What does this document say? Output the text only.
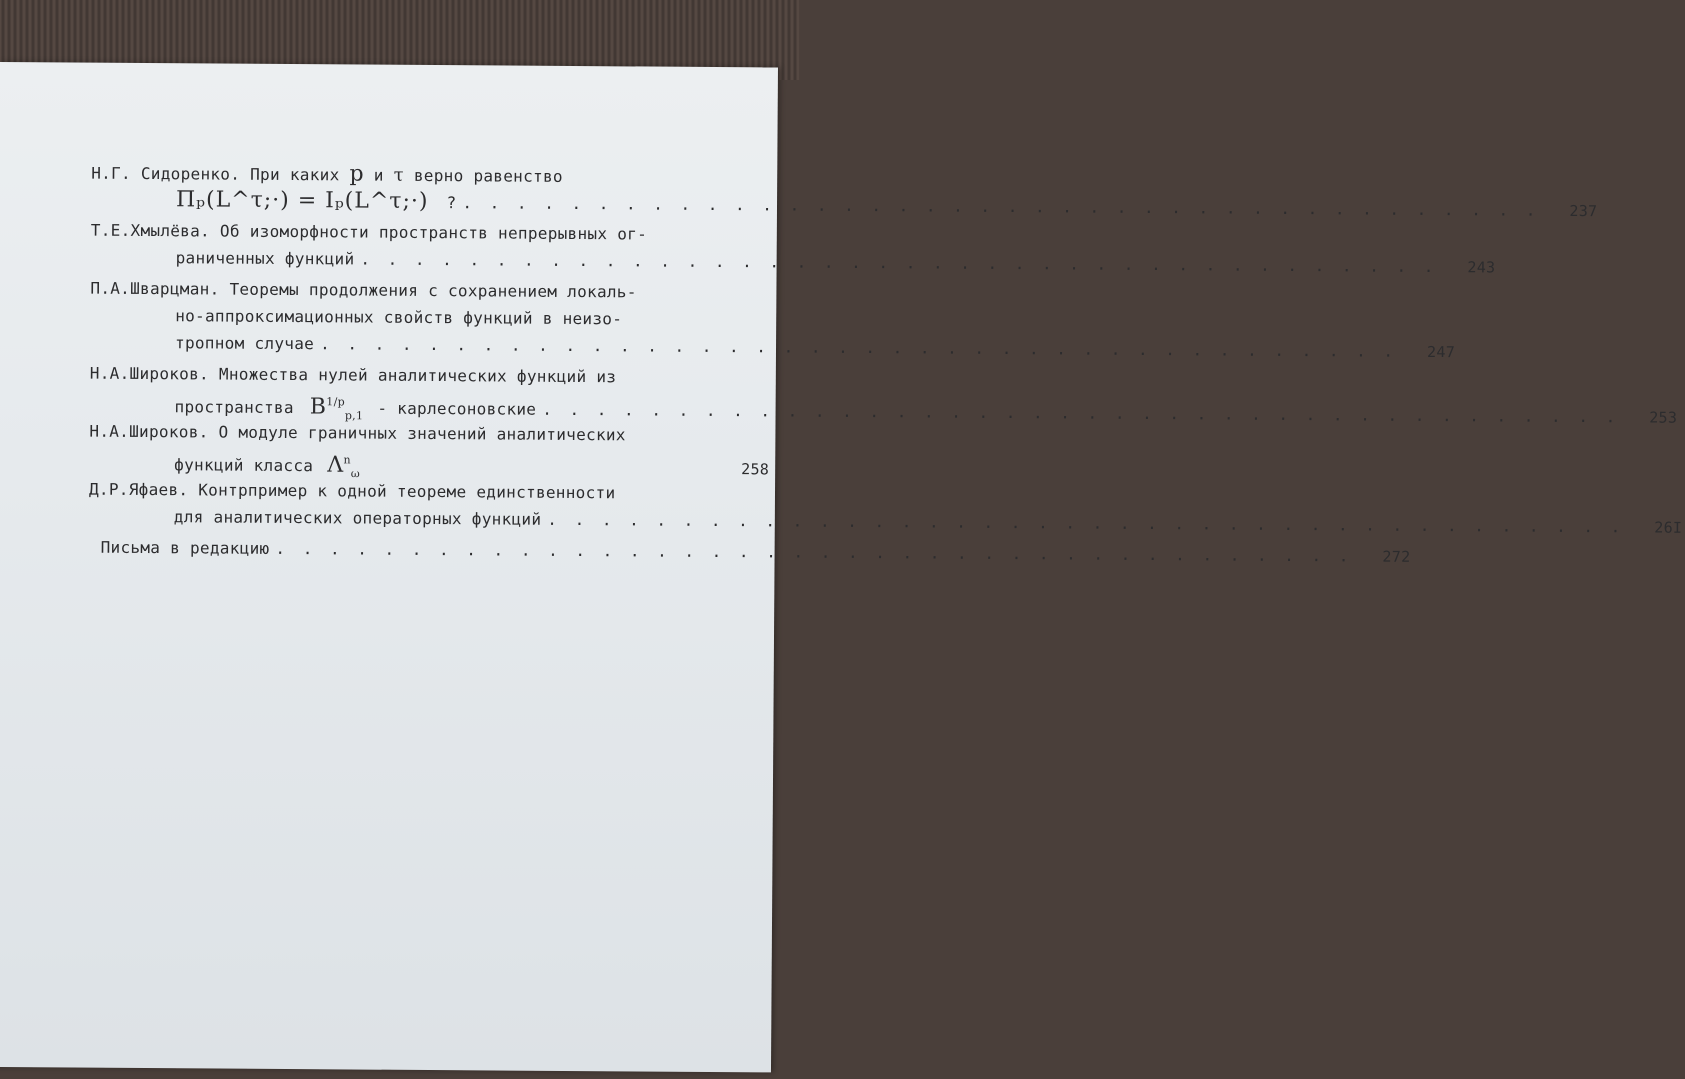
Н.Г. Сидоренко. При каких p и τ верно равенство
Пₚ(L^τ;·) = Iₚ(L^τ;·) ? . . . . . . . . . . . . . . . . . . . . . . . . . . . . . . . . . . . . . . . .	237
Т.Е.Хмылёва. Об изоморфности пространств непрерывных ог-
раниченных функций . . . . . . . . . . . . . . . . . . . . . . . . . . . . . . . . . . . . . . . .	243
П.А.Шварцман. Теоремы продолжения с сохранением локаль-
но-аппроксимационных свойств функций в неизо-
тропном случае . . . . . . . . . . . . . . . . . . . . . . . . . . . . . . . . . . . . . . . .	247
Н.А.Широков. Множества нулей аналитических функций из
пространства $B^{1/p}_{p,1}$ - карлесоновские . . . . . . . . . . . . . . . . . . . . . . . . . . . . . . . . . . . . . . . .	253
Н.А.Широков. О модуле граничных значений аналитических
функций класса $\Lambda^n_\omega$	258
Д.Р.Яфаев. Контрпример к одной теореме единственности
для аналитических операторных функций . . . . . . . . . . . . . . . . . . . . . . . . . . . . . . . . . . . . . . . .	26I
Письма в редакцию . . . . . . . . . . . . . . . . . . . . . . . . . . . . . . . . . . . . . . . .	272
